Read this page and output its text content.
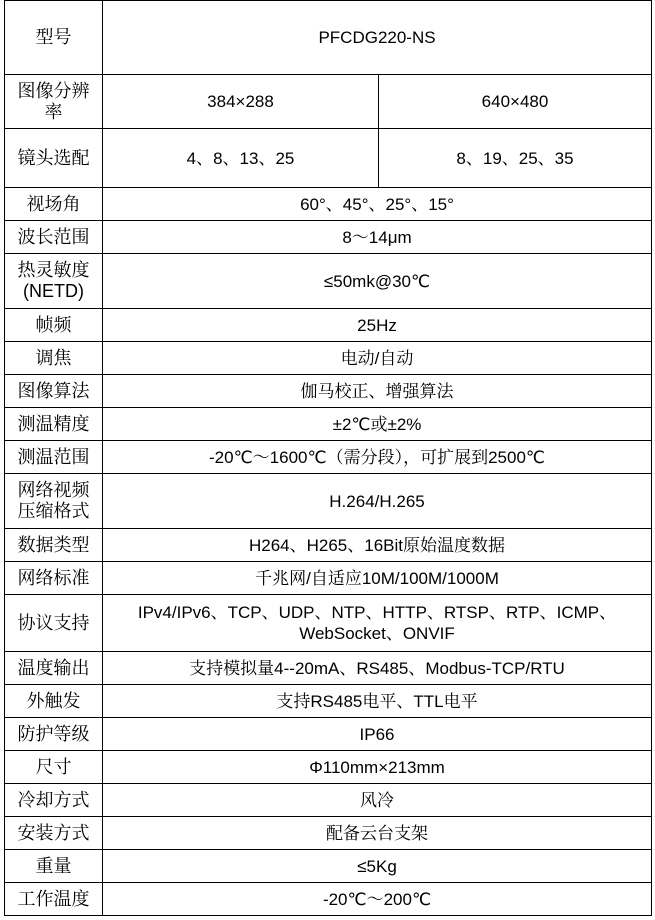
型号	PFCDG220-NS	
图像分辨率	384×288	640×480
镜头选配	4、8、13、25	8、19、25、35
视场角	60°、45°、25°、15°	
波长范围	8～14μm	
热灵敏度(NETD)	≤50mk@30℃	
帧频	25Hz	
调焦	电动/自动	
图像算法	伽马校正、增强算法	
测温精度	±2℃或±2%	
测温范围	-20℃～1600℃（需分段），可扩展到2500℃	
网络视频压缩格式	H.264/H.265	
数据类型	H264、H265、16Bit原始温度数据	
网络标准	千兆网/自适应10M/100M/1000M	
协议支持	IPv4/IPv6、TCP、UDP、NTP、HTTP、RTSP、RTP、ICMP、WebSocket、ONVIF	
温度输出	支持模拟量4--20mA、RS485、Modbus-TCP/RTU	
外触发	支持RS485电平、TTL电平	
防护等级	IP66	
尺寸	Φ110mm×213mm	
冷却方式	风冷	
安装方式	配备云台支架	
重量	≤5Kg	
工作温度	-20℃～200℃	
